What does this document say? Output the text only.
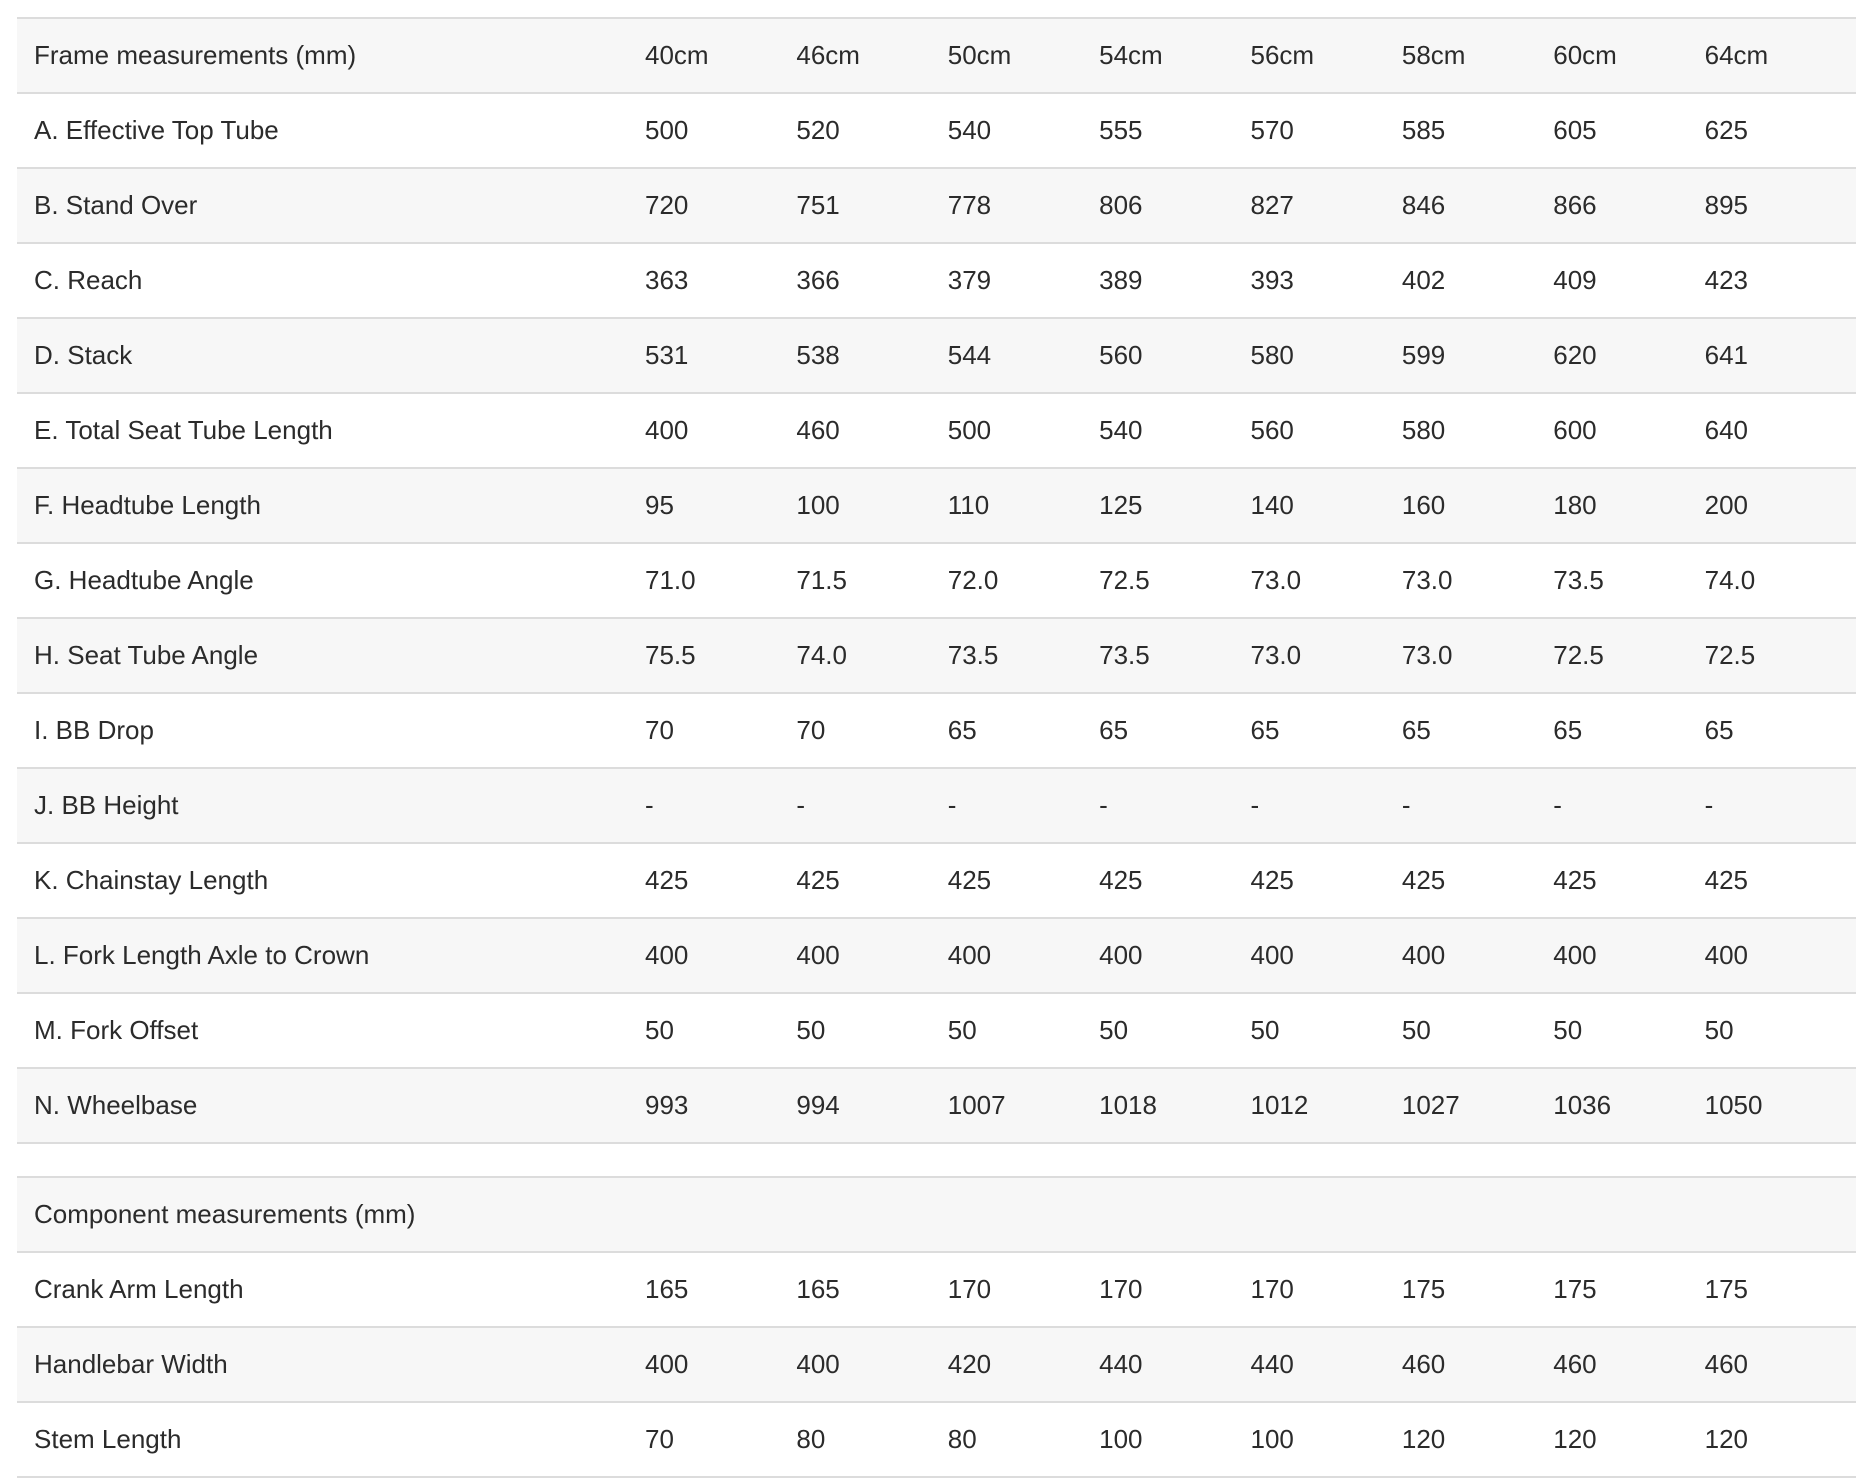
Frame measurements (mm)	40cm	46cm	50cm	54cm	56cm	58cm	60cm	64cm
A. Effective Top Tube	500	520	540	555	570	585	605	625
B. Stand Over	720	751	778	806	827	846	866	895
C. Reach	363	366	379	389	393	402	409	423
D. Stack	531	538	544	560	580	599	620	641
E. Total Seat Tube Length	400	460	500	540	560	580	600	640
F. Headtube Length	95	100	110	125	140	160	180	200
G. Headtube Angle	71.0	71.5	72.0	72.5	73.0	73.0	73.5	74.0
H. Seat Tube Angle	75.5	74.0	73.5	73.5	73.0	73.0	72.5	72.5
I. BB Drop	70	70	65	65	65	65	65	65
J. BB Height	-	-	-	-	-	-	-	-
K. Chainstay Length	425	425	425	425	425	425	425	425
L. Fork Length Axle to Crown	400	400	400	400	400	400	400	400
M. Fork Offset	50	50	50	50	50	50	50	50
N. Wheelbase	993	994	1007	1018	1012	1027	1036	1050

Component measurements (mm)								
Crank Arm Length	165	165	170	170	170	175	175	175
Handlebar Width	400	400	420	440	440	460	460	460
Stem Length	70	80	80	100	100	120	120	120
